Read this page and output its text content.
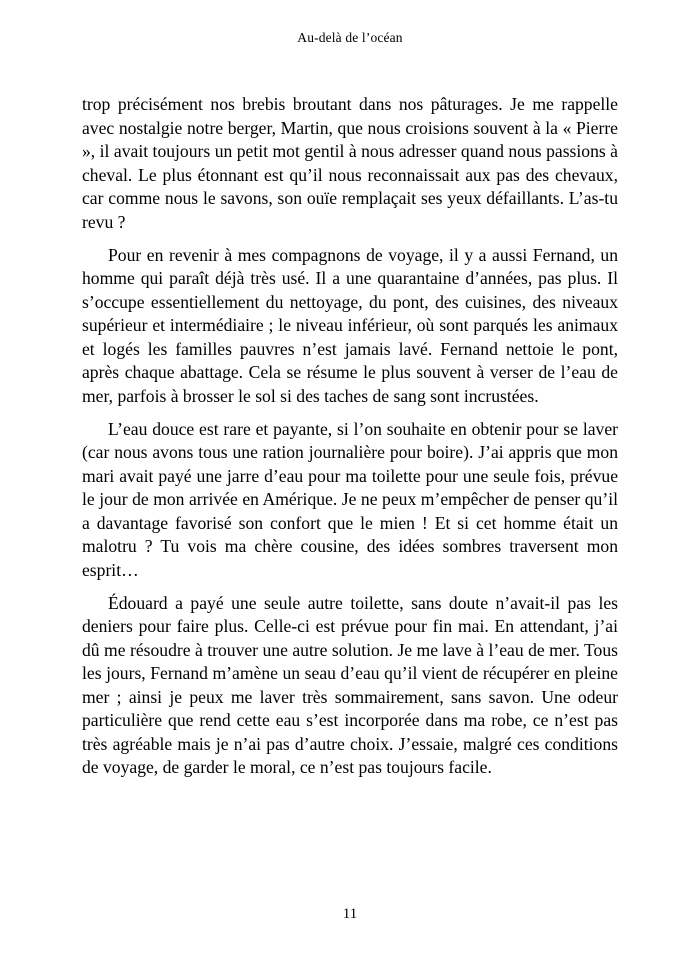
Au-delà de l’océan

trop précisément nos brebis broutant dans nos pâturages. Je me rappelle avec nostalgie notre berger, Martin, que nous croisions souvent à la « Pierre », il avait toujours un petit mot gentil à nous adresser quand nous passions à cheval. Le plus étonnant est qu’il nous reconnaissait aux pas des chevaux, car comme nous le savons, son ouïe remplaçait ses yeux défaillants. L’as-tu revu ?

Pour en revenir à mes compagnons de voyage, il y a aussi Fernand, un homme qui paraît déjà très usé. Il a une quarantaine d’années, pas plus. Il s’occupe essentiellement du nettoyage, du pont, des cuisines, des niveaux supérieur et intermédiaire ; le niveau inférieur, où sont parqués les animaux et logés les familles pauvres n’est jamais lavé. Fernand nettoie le pont, après chaque abattage. Cela se résume le plus souvent à verser de l’eau de mer, parfois à brosser le sol si des taches de sang sont incrustées.

L’eau douce est rare et payante, si l’on souhaite en obtenir pour se laver (car nous avons tous une ration journalière pour boire). J’ai appris que mon mari avait payé une jarre d’eau pour ma toilette pour une seule fois, prévue le jour de mon arrivée en Amérique. Je ne peux m’empêcher de penser qu’il a davantage favorisé son confort que le mien ! Et si cet homme était un malotru ? Tu vois ma chère cousine, des idées sombres traversent mon esprit…

Édouard a payé une seule autre toilette, sans doute n’avait-il pas les deniers pour faire plus. Celle-ci est prévue pour fin mai. En attendant, j’ai dû me résoudre à trouver une autre solution. Je me lave à l’eau de mer. Tous les jours, Fernand m’amène un seau d’eau qu’il vient de récupérer en pleine mer ; ainsi je peux me laver très sommairement, sans savon. Une odeur particulière que rend cette eau s’est incorporée dans ma robe, ce n’est pas très agréable mais je n’ai pas d’autre choix. J’essaie, malgré ces conditions de voyage, de garder le moral, ce n’est pas toujours facile.

11
